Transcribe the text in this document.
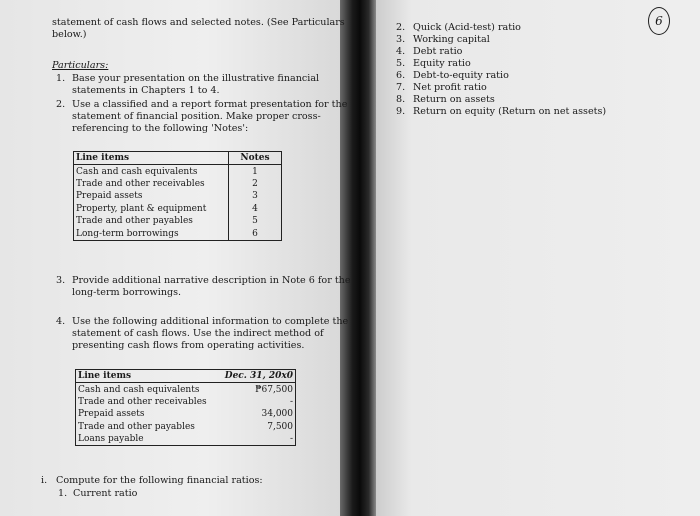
statement of cash flows and selected notes. (See Particulars
below.)
Particulars:
1. Base your presentation on the illustrative financial
statements in Chapters 1 to 4.
2. Use a classified and a report format presentation for the
statement of financial position. Make proper cross-
referencing to the following 'Notes':
Line items	Notes
Cash and cash equivalents	1
Trade and other receivables	2
Prepaid assets	3
Property, plant & equipment	4
Trade and other payables	5
Long-term borrowings	6
3. Provide additional narrative description in Note 6 for the
long-term borrowings.
4. Use the following additional information to complete the
statement of cash flows. Use the indirect method of
presenting cash flows from operating activities.
Line items	Dec. 31, 20x0
Cash and cash equivalents	₱67,500
Trade and other receivables	-
Prepaid assets	34,000
Trade and other payables	7,500
Loans payable	-
i. Compute for the following financial ratios:
1. Current ratio
6
2. Quick (Acid-test) ratio
3. Working capital
4. Debt ratio
5. Equity ratio
6. Debt-to-equity ratio
7. Net profit ratio
8. Return on assets
9. Return on equity (Return on net assets)
